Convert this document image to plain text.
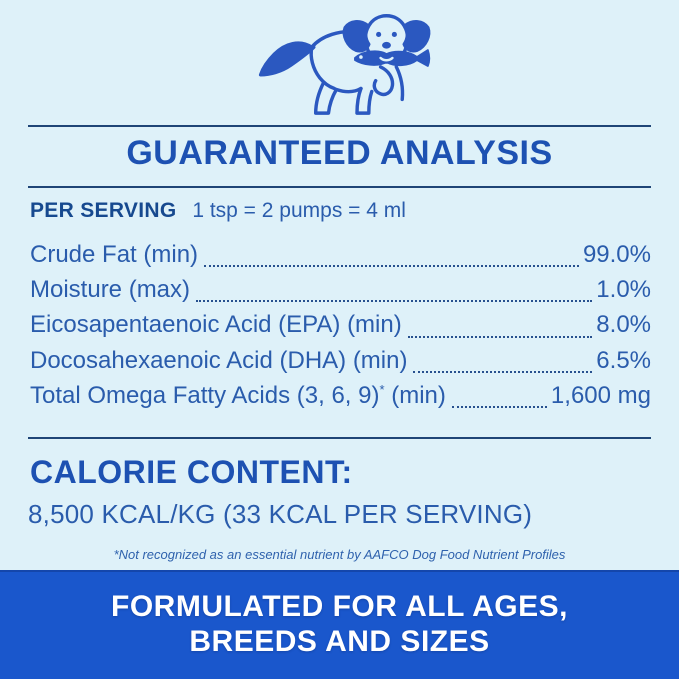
GUARANTEED ANALYSIS
PER SERVING 1 tsp = 2 pumps = 4 ml
Crude Fat (min)	99.0%
Moisture (max)	1.0%
Eicosapentaenoic Acid (EPA) (min)	8.0%
Docosahexaenoic Acid (DHA) (min)	6.5%
Total Omega Fatty Acids (3, 6, 9)* (min)	1,600 mg
CALORIE CONTENT:
8,500 KCAL/KG (33 KCAL PER SERVING)
*Not recognized as an essential nutrient by AAFCO Dog Food Nutrient Profiles
FORMULATED FOR ALL AGES,
BREEDS AND SIZES
